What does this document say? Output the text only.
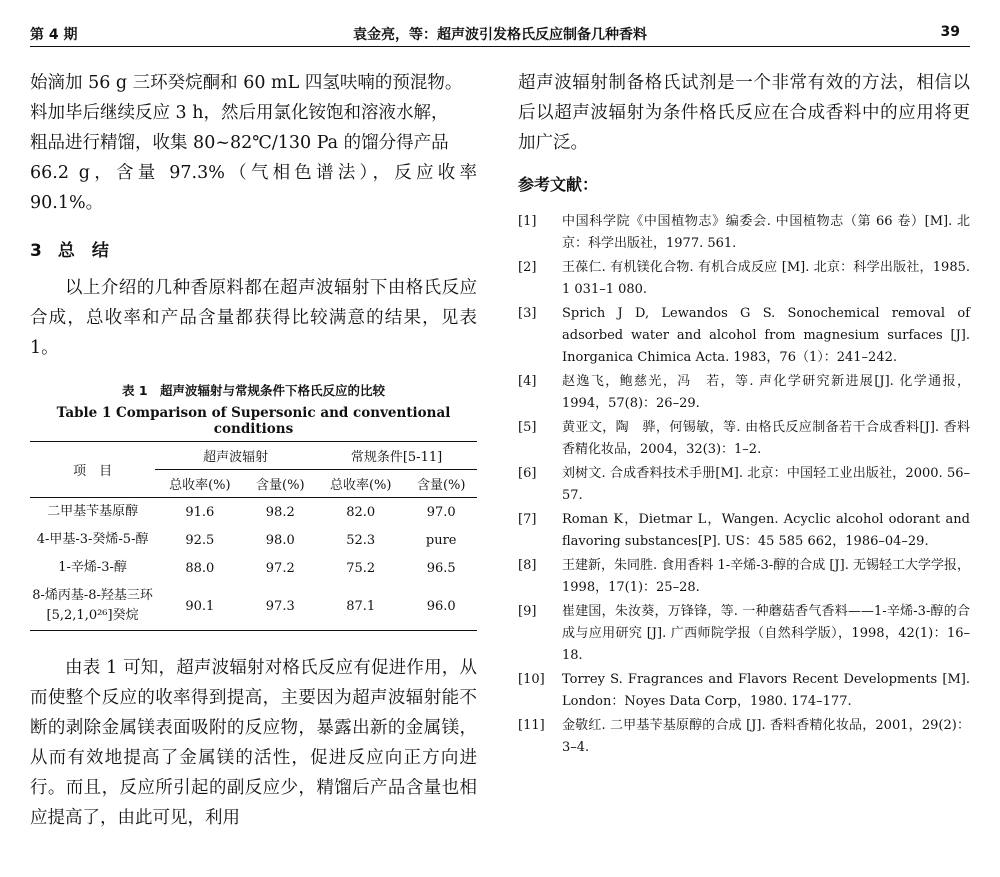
第 4 期	袁金亮，等：超声波引发格氏反应制备几种香料	39
始滴加 56 g 三环癸烷酮和 60 mL 四氢呋喃的预混物。
料加毕后继续反应 3 h，然后用氯化铵饱和溶液水解，
粗品进行精馏，收集 80~82℃/130 Pa 的馏分得产品
66.2 g，含量 97.3%（气相色谱法），反应收率 90.1%。
3 总　结

以上介绍的几种香原料都在超声波辐射下由格氏反应合成，总收率和产品含量都获得比较满意的结果，见表 1。

表 1　超声波辐射与常规条件下格氏反应的比较
Table 1 Comparison of Supersonic and conventional conditions
项　目	超声波辐射		常规条件[5-11]	
	总收率(%)	含量(%)	总收率(%)	含量(%)
二甲基苄基原醇	91.6	98.2	82.0	97.0
4-甲基-3-癸烯-5-醇	92.5	98.0	52.3	pure
1-辛烯-3-醇	88.0	97.2	75.2	96.5
8-烯丙基-8-羟基三环[5,2,1,0²⁶]癸烷	90.1	97.3	87.1	96.0

由表 1 可知，超声波辐射对格氏反应有促进作用，从而使整个反应的收率得到提高，主要因为超声波辐射能不断的剥除金属镁表面吸附的反应物，暴露出新的金属镁，从而有效地提高了金属镁的活性，促进反应向正方向进行。而且，反应所引起的副反应少，精馏后产品含量也相应提高了，由此可见，利用

超声波辐射制备格氏试剂是一个非常有效的方法，相信以后以超声波辐射为条件格氏反应在合成香料中的应用将更加广泛。

参考文献：
[1]	中国科学院《中国植物志》编委会. 中国植物志（第 66 卷）[M]. 北京：科学出版社，1977. 561.
[2]	王葆仁. 有机镁化合物. 有机合成反应 [M]. 北京：科学出版社，1985. 1 031–1 080.
[3]	Sprich J D, Lewandos G S. Sonochemical removal of adsorbed water and alcohol from magnesium surfaces [J]. Inorganica Chimica Acta. 1983，76（1）：241–242.
[4]	赵逸飞，鲍慈光，冯　若，等. 声化学研究新进展[J]. 化学通报，1994，57(8)：26–29.
[5]	黄亚文，陶　骅，何锡敏，等. 由格氏反应制备若干合成香料[J]. 香料香精化妆品，2004，32(3)：1–2.
[6]	刘树文. 合成香料技术手册[M]. 北京：中国轻工业出版社，2000. 56–57.
[7]	Roman K，Dietmar L，Wangen. Acyclic alcohol odorant and flavoring substances[P]. US：45 585 662，1986–04–29.
[8]	王建新，朱同胜. 食用香料 1-辛烯-3-醇的合成 [J]. 无锡轻工大学学报，1998，17(1)：25–28.
[9]	崔建国，朱汝葵，万锋锋，等. 一种蘑菇香气香料——1-辛烯-3-醇的合成与应用研究 [J]. 广西师院学报（自然科学版），1998，42(1)：16–18.
[10]	Torrey S. Fragrances and Flavors Recent Developments [M]. London：Noyes Data Corp，1980. 174–177.
[11]	金敬红. 二甲基苄基原醇的合成 [J]. 香料香精化妆品，2001，29(2)：3–4.
